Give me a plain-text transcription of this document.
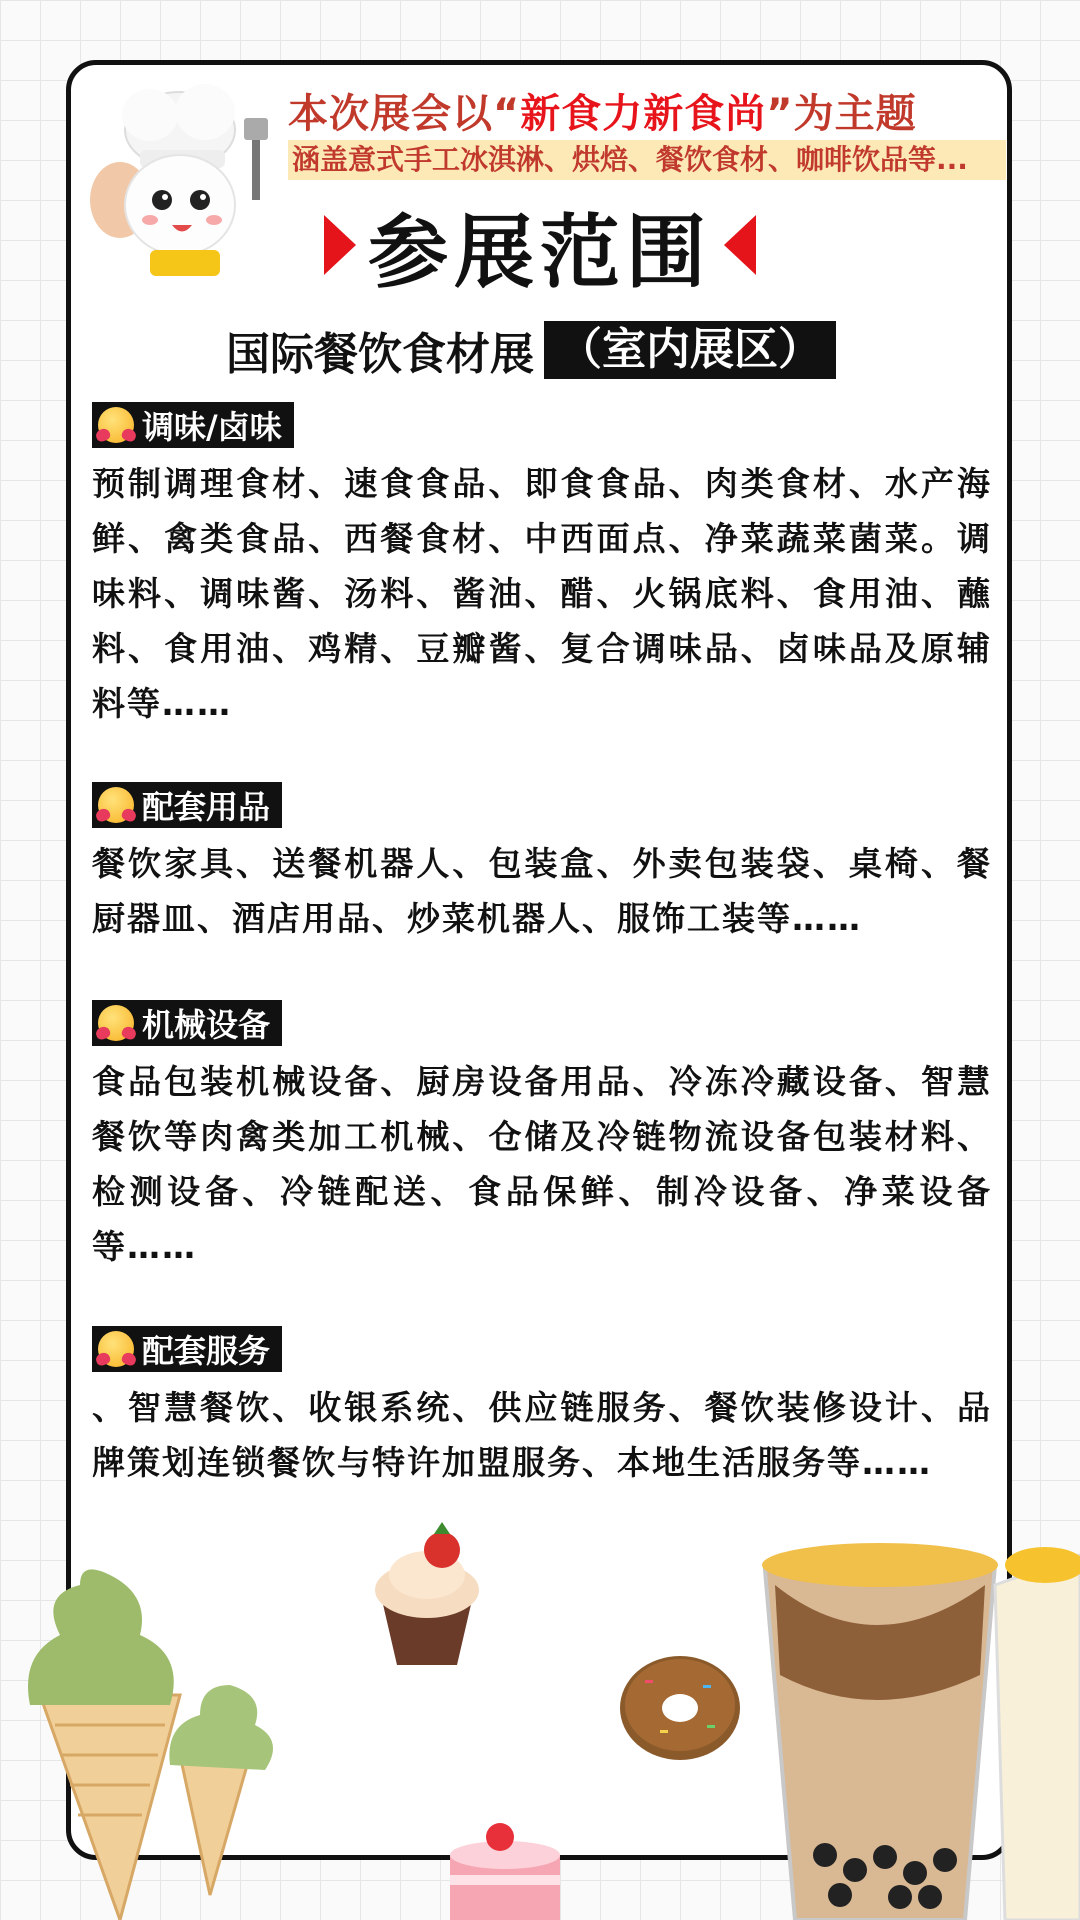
本次展会以“新食力新食尚”为主题
涵盖意式手工冰淇淋、烘焙、餐饮食材、咖啡饮品等...
参展范围
国际餐饮食材展 （室内展区）
调味/卤味
预制调理食材、速食食品、即食食品、肉类食材、水产海鲜、禽类食品、西餐食材、中西面点、净菜蔬菜菌菜。调味料、调味酱、汤料、酱油、醋、火锅底料、食用油、蘸料、食用油、鸡精、豆瓣酱、复合调味品、卤味品及原辅料等……
配套用品
餐饮家具、送餐机器人、包装盒、外卖包装袋、桌椅、餐厨器皿、酒店用品、炒菜机器人、服饰工装等……
机械设备
食品包装机械设备、厨房设备用品、冷冻冷藏设备、智慧餐饮等肉禽类加工机械、仓储及冷链物流设备包装材料、检测设备、冷链配送、食品保鲜、制冷设备、净菜设备等……
配套服务
、智慧餐饮、收银系统、供应链服务、餐饮装修设计、品牌策划连锁餐饮与特许加盟服务、本地生活服务等……
